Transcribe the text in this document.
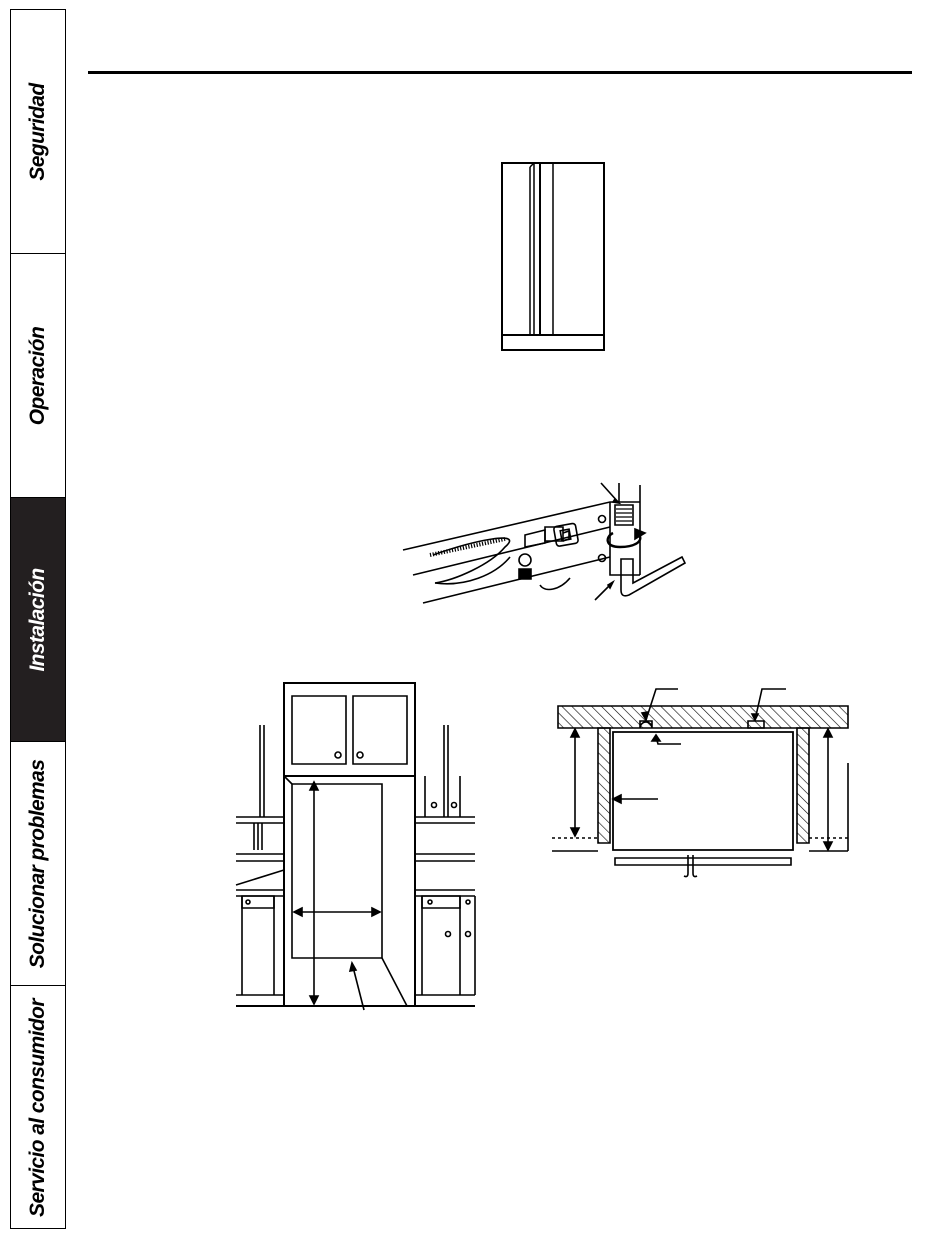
Seguridad
Operación
Instalación
Solucionar problemas
Servicio al consumidor
